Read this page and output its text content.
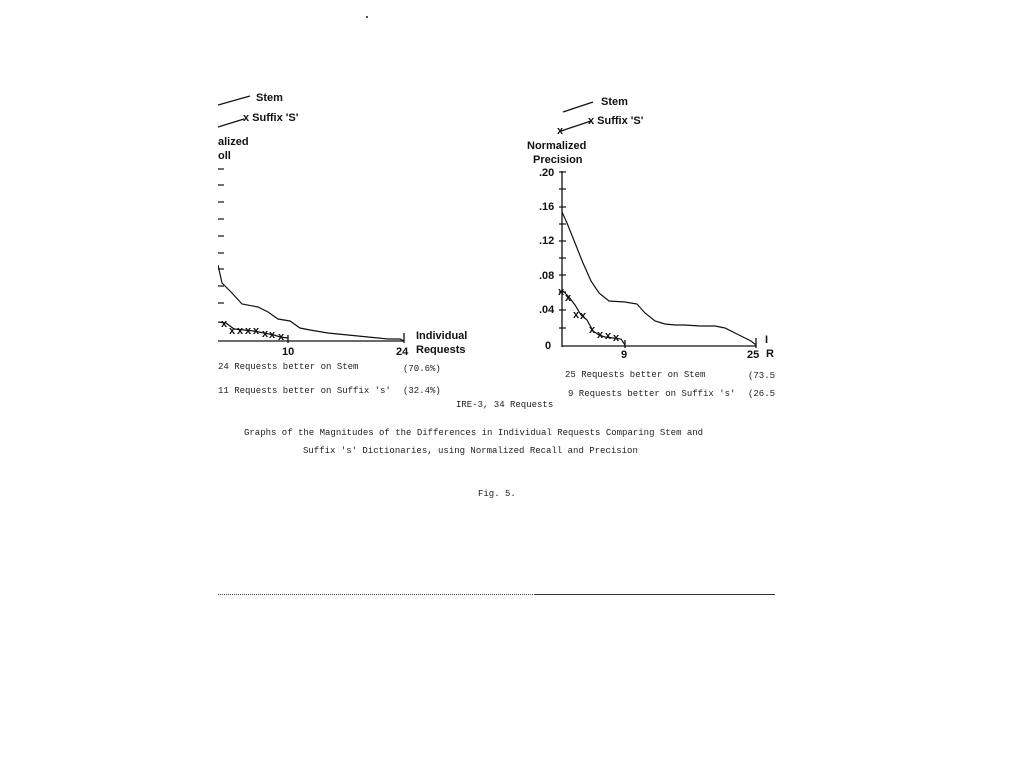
Stem
x Suffix 'S'
alized
oll
x
x x x x x x x
10	24
Individual
Requests
24 Requests better on Stem	(70.6%)
11 Requests better on Suffix 's' (32.4%)
Stem
x Suffix 'S'
Normalized
Precision
.20
.16
.12
.08
.04
0
x
x x
x x
x x x x
9	25
I
R
25 Requests better on Stem	(73.5
9 Requests better on Suffix 's' (26.5
IRE-3, 34 Requests
Graphs of the Magnitudes of the Differences in Individual Requests Comparing Stem and
Suffix 's' Dictionaries, using Normalized Recall and Precision
Fig. 5.
